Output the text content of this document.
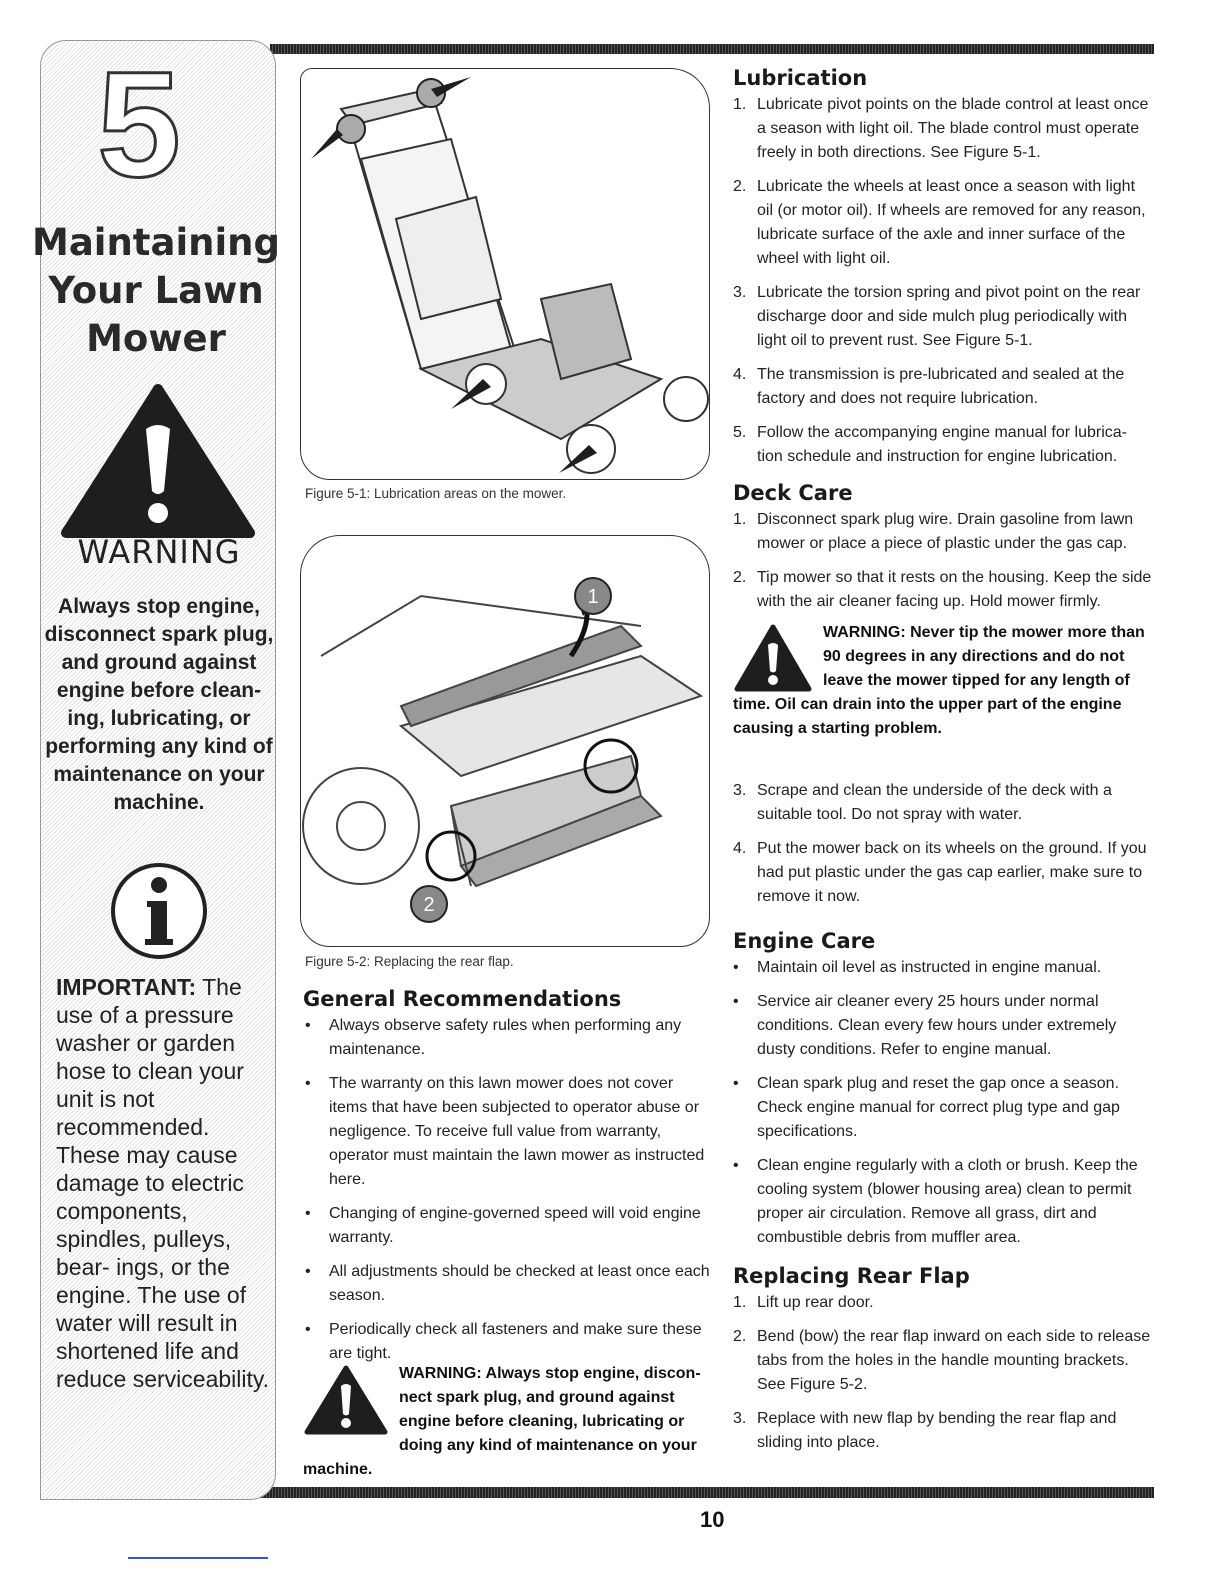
5
Maintaining
Your Lawn
Mower
WARNING
Always stop engine, disconnect spark plug, and ground against engine before clean- ing, lubricating, or performing any kind of maintenance on your machine.
IMPORTANT: The use of a pressure washer or garden hose to clean your unit is not recommended. These may cause damage to electric components, spindles, pulleys, bear- ings, or the engine. The use of water will result in shortened life and reduce serviceability.
Figure 5-1: Lubrication areas on the mower.
1
2
Figure 5-2: Replacing the rear flap.
General Recommendations
• Always observe safety rules when performing any maintenance.
• The warranty on this lawn mower does not cover items that have been subjected to operator abuse or negligence. To receive full value from warranty, operator must maintain the lawn mower as instructed here.
• Changing of engine-governed speed will void engine warranty.
• All adjustments should be checked at least once each season.
• Periodically check all fasteners and make sure these are tight.
WARNING: Always stop engine, discon- nect spark plug, and ground against engine before cleaning, lubricating or doing any kind of maintenance on your machine.
Lubrication
1. Lubricate pivot points on the blade control at least once a season with light oil. The blade control must operate freely in both directions. See Figure 5-1.
2. Lubricate the wheels at least once a season with light oil (or motor oil). If wheels are removed for any reason, lubricate surface of the axle and inner surface of the wheel with light oil.
3. Lubricate the torsion spring and pivot point on the rear discharge door and side mulch plug periodically with light oil to prevent rust. See Figure 5-1.
4. The transmission is pre-lubricated and sealed at the factory and does not require lubrication.
5. Follow the accompanying engine manual for lubrica- tion schedule and instruction for engine lubrication.
Deck Care
1. Disconnect spark plug wire. Drain gasoline from lawn mower or place a piece of plastic under the gas cap.
2. Tip mower so that it rests on the housing. Keep the side with the air cleaner facing up. Hold mower firmly.
WARNING: Never tip the mower more than 90 degrees in any directions and do not leave the mower tipped for any length of time. Oil can drain into the upper part of the engine causing a starting problem.
3. Scrape and clean the underside of the deck with a suitable tool. Do not spray with water.
4. Put the mower back on its wheels on the ground. If you had put plastic under the gas cap earlier, make sure to remove it now.
Engine Care
• Maintain oil level as instructed in engine manual.
• Service air cleaner every 25 hours under normal conditions. Clean every few hours under extremely dusty conditions. Refer to engine manual.
• Clean spark plug and reset the gap once a season. Check engine manual for correct plug type and gap specifications.
• Clean engine regularly with a cloth or brush. Keep the cooling system (blower housing area) clean to permit proper air circulation. Remove all grass, dirt and combustible debris from muffler area.
Replacing Rear Flap
1. Lift up rear door.
2. Bend (bow) the rear flap inward on each side to release tabs from the holes in the handle mounting brackets. See Figure 5-2.
3. Replace with new flap by bending the rear flap and sliding into place.
10
